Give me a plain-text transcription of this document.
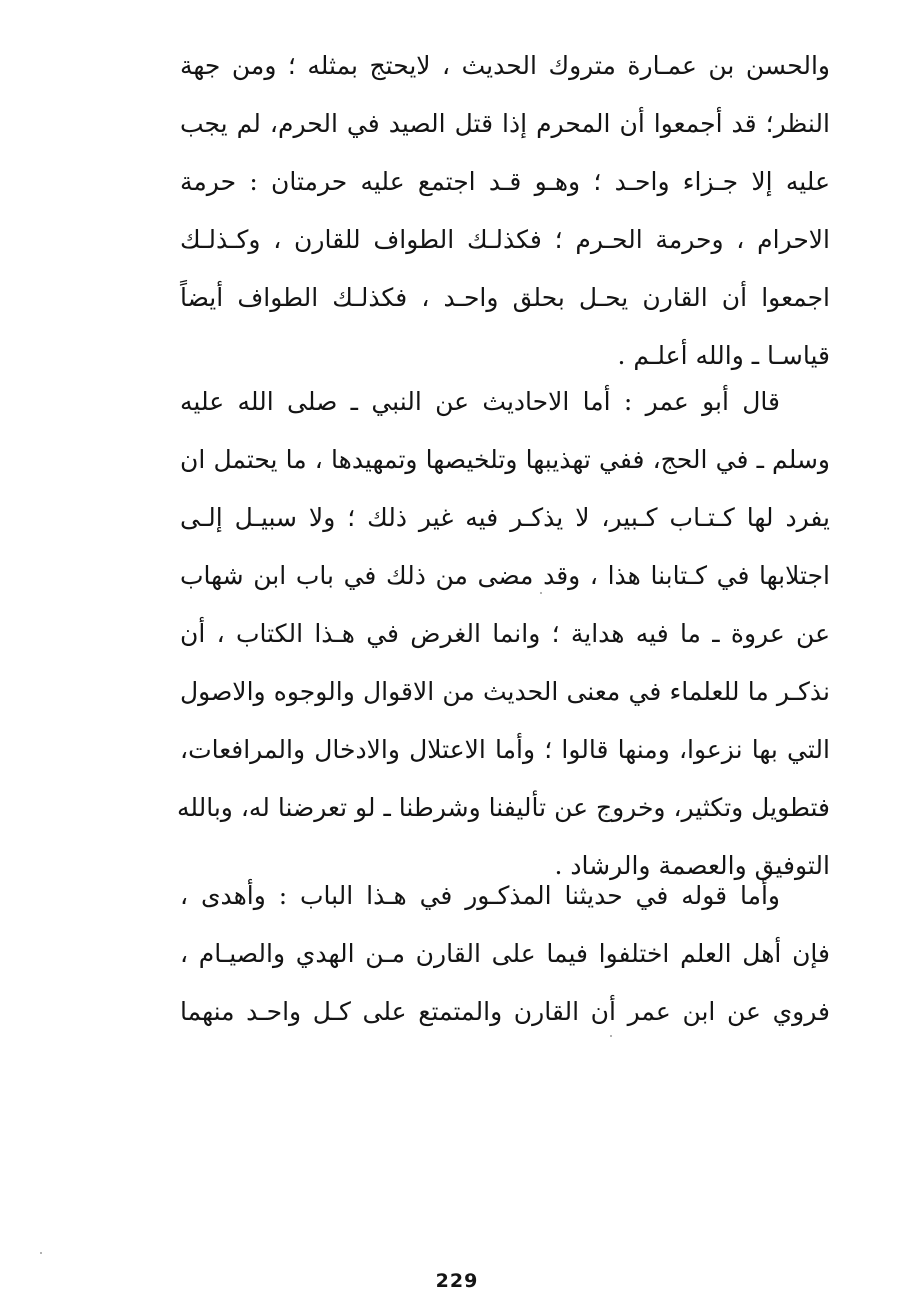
والحسن بن عمـارة متروك الحديث ، لايحتج بمثله ؛ ومن جهة
النظر؛ قد أجمعوا أن المحرم إذا قتل الصيد في الحرم، لم يجب
عليه إلا جـزاء واحـد ؛ وهـو قـد اجتمع عليه حرمتان : حرمة
الاحرام ، وحرمة الحـرم ؛ فكذلـك الطواف للقارن ، وكـذلـك
اجمعوا أن القارن يحـل بحلق واحـد ، فكذلـك الطواف أيضاً
قياسـا ـ والله أعلـم .
قال أبو عمر : أما الاحاديث عن النبي ـ صلى الله عليه
وسلم ـ في الحج، ففي تهذيبها وتلخيصها وتمهيدها ، ما يحتمل ان
يفرد لها كـتـاب كـبير، لا يذكـر فيه غير ذلك ؛ ولا سبيـل إلـى
اجتلابها في كـتابنا هذا ، وقد مضى من ذلك في باب ابن شهاب
عن عروة ـ ما فيه هداية ؛ وانما الغرض في هـذا الكتاب ، أن
نذكـر ما للعلماء في معنى الحديث من الاقوال والوجوه والاصول
التي بها نزعوا، ومنها قالوا ؛ وأما الاعتلال والادخال والمرافعات،
فتطويل وتكثير، وخروج عن تأليفنا وشرطنا ـ لو تعرضنا له، وبالله
التوفيق والعصمة والرشاد .
وأما قوله في حديثنا المذكـور في هـذا الباب : وأهدى ،
فإن أهل العلم اختلفوا فيما على القارن مـن الهدي والصيـام ،
فروي عن ابن عمر أن القارن والمتمتع على كـل واحـد منهما
229
